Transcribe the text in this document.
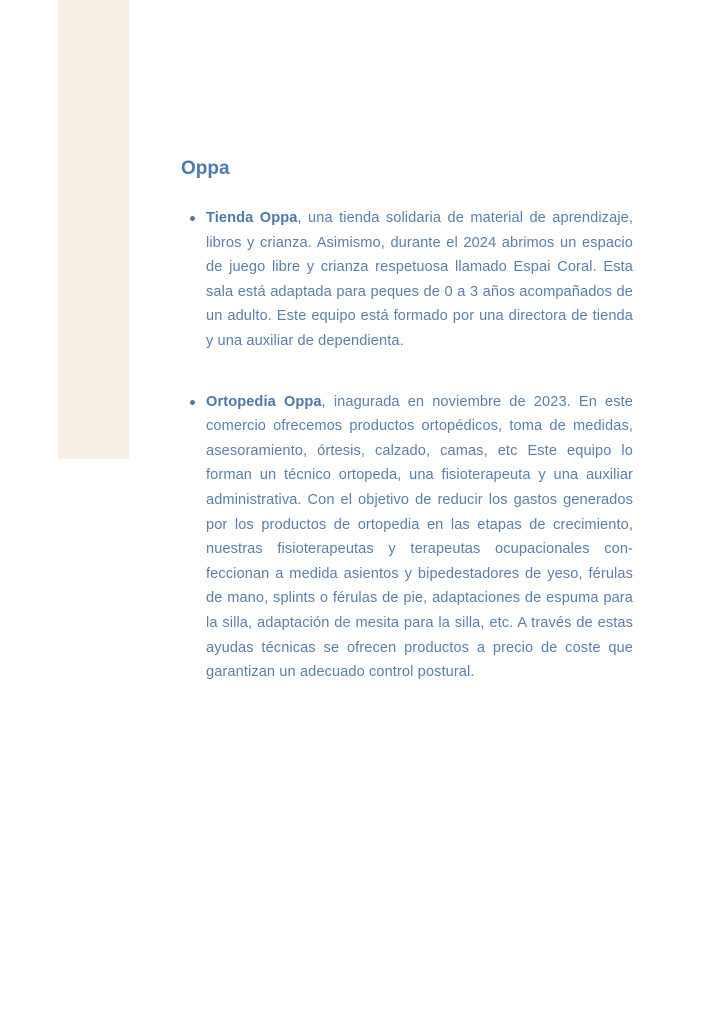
Oppa
Tienda Oppa, una tienda solidaria de material de aprendizaje, libros y crianza. Asimismo, durante el 2024 abrimos un espacio de juego libre y crianza respetuosa llamado Espai Coral. Esta sala está adaptada para peques de 0 a 3 años acompañados de un adulto. Este equipo está formado por una directora de tienda y una auxiliar de dependienta.
Ortopedia Oppa, inagurada en noviembre de 2023. En este comercio ofrecemos productos ortopédicos, toma de medidas, asesoramiento, órtesis, calzado, camas, etc Este equipo lo forman un técnico ortopeda, una fisioterapeuta y una auxiliar administrativa. Con el objetivo de reducir los gastos generados por los productos de ortopedia en las etapas de crecimiento, nuestras fisioterapeutas y terapeutas ocupacionales con- feccionan a medida asientos y bipedestadores de yeso, férulas de mano, splints o férulas de pie, adaptaciones de espuma para la silla, adaptación de mesita para la silla, etc. A través de estas ayudas técnicas se ofrecen productos a precio de coste que garantizan un adecuado control postural.
